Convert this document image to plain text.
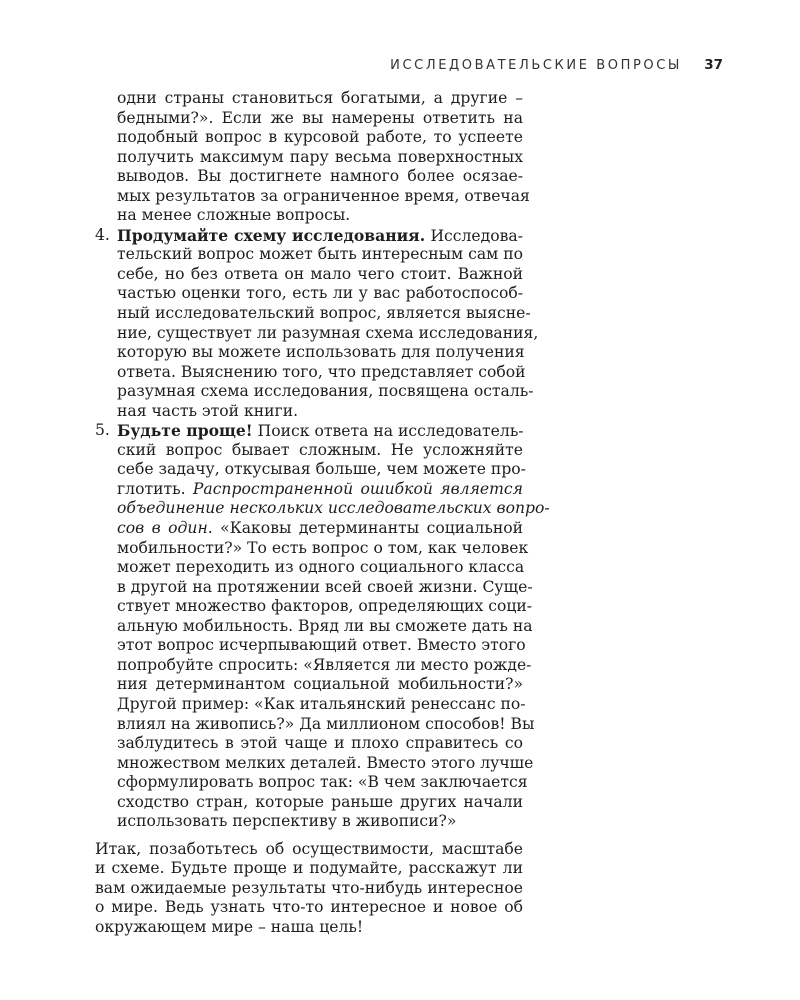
ИССЛЕДОВАТЕЛЬСКИЕ ВОПРОСЫ 37
одни страны становиться богатыми, а другие –
бедными?». Если же вы намерены ответить на
подобный вопрос в курсовой работе, то успеете
получить максимум пару весьма поверхностных
выводов. Вы достигнете намного более осязае-
мых результатов за ограниченное время, отвечая
на менее сложные вопросы.
4. Продумайте схему исследования. Исследова-
тельский вопрос может быть интересным сам по
себе, но без ответа он мало чего стоит. Важной
частью оценки того, есть ли у вас работоспособ-
ный исследовательский вопрос, является выясне-
ние, существует ли разумная схема исследования,
которую вы можете использовать для получения
ответа. Выяснению того, что представляет собой
разумная схема исследования, посвящена осталь-
ная часть этой книги.
5. Будьте проще! Поиск ответа на исследователь-
ский вопрос бывает сложным. Не усложняйте
себе задачу, откусывая больше, чем можете про-
глотить. Распространенной ошибкой является
объединение нескольких исследовательских вопро-
сов в один. «Каковы детерминанты социальной
мобильности?» То есть вопрос о том, как человек
может переходить из одного социального класса
в другой на протяжении всей своей жизни. Суще-
ствует множество факторов, определяющих соци-
альную мобильность. Вряд ли вы сможете дать на
этот вопрос исчерпывающий ответ. Вместо этого
попробуйте спросить: «Является ли место рожде-
ния детерминантом социальной мобильности?»
Другой пример: «Как итальянский ренессанс по-
влиял на живопись?» Да миллионом способов! Вы
заблудитесь в этой чаще и плохо справитесь со
множеством мелких деталей. Вместо этого лучше
сформулировать вопрос так: «В чем заключается
сходство стран, которые раньше других начали
использовать перспективу в живописи?»
Итак, позаботьтесь об осуществимости, масштабе
и схеме. Будьте проще и подумайте, расскажут ли
вам ожидаемые результаты что-нибудь интересное
о мире. Ведь узнать что-то интересное и новое об
окружающем мире – наша цель!
